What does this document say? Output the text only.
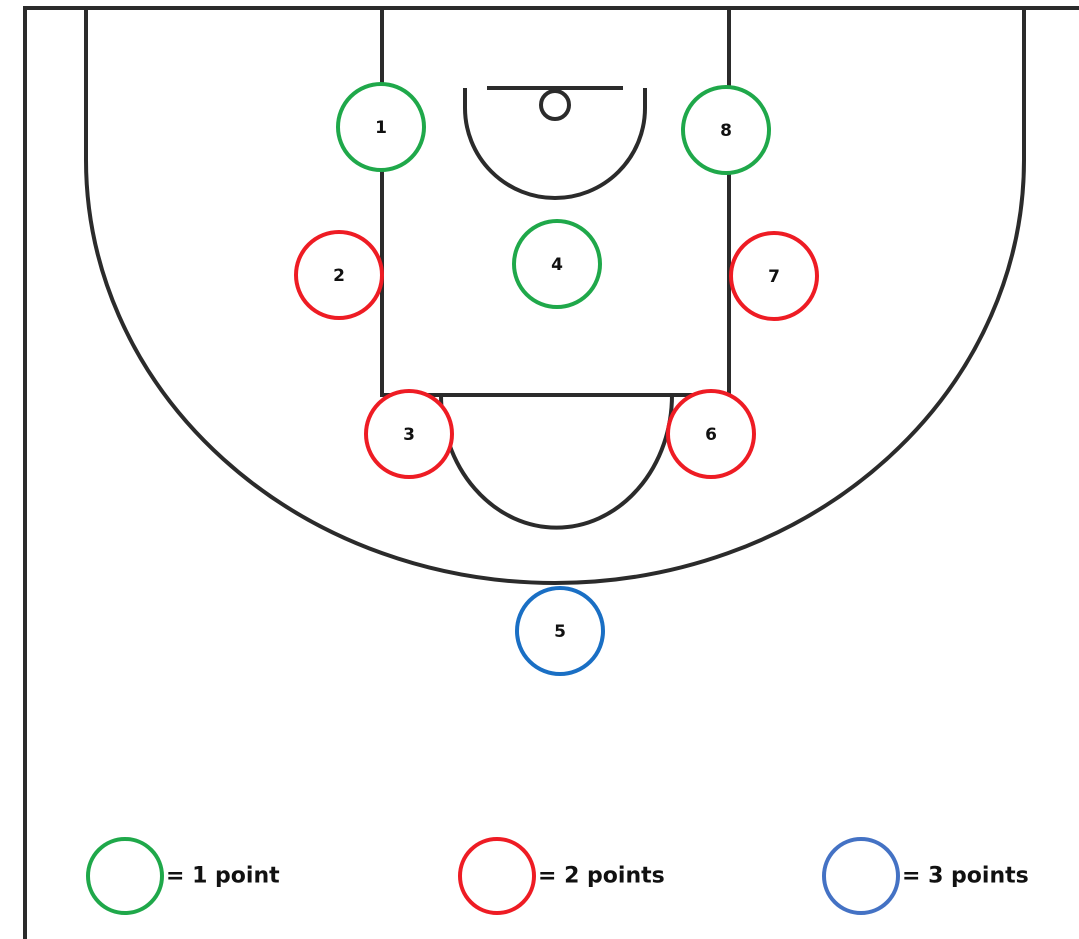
1
2
3
4
5
6
7
8
= 1 point	= 2 points	= 3 points
